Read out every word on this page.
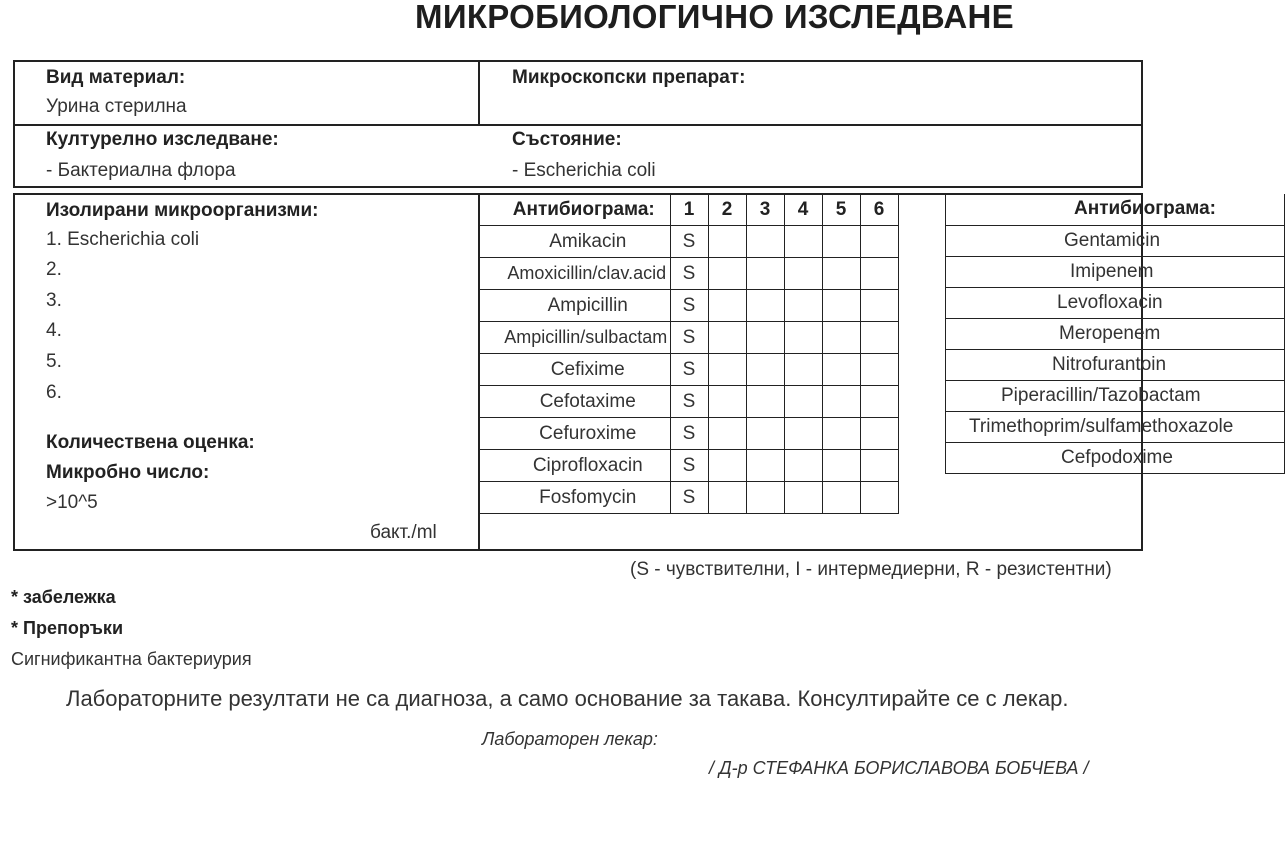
МИКРОБИОЛОГИЧНО ИЗСЛЕДВАНЕ
Вид материал:
Урина стерилна
Микроскопски препарат:
Културелно изследване:
- Бактериална флора
Състояние:
- Escherichia coli
Изолирани микроорганизми:
1. Escherichia coli
2.
3.
4.
5.
6.
Количествена оценка:
Микробно число:
>10^5
бакт./ml
Антибиограма:	1	2	3	4	5	6
Amikacin	S					
Amoxicillin/clav.acid	S					
Ampicillin	S					
Ampicillin/sulbactam	S					
Cefixime	S					
Cefotaxime	S					
Cefuroxime	S					
Ciprofloxacin	S					
Fosfomycin	S					
Антибиограма:
Gentamicin
Imipenem
Levofloxacin
Meropenem
Nitrofurantoin
Piperacillin/Tazobactam
Trimethoprim/sulfamethoxazole
Cefpodoxime
(S - чувствителни, I - интермедиерни, R - резистентни)
* забележка
* Препоръки
Сигнификантна бактериурия
Лабораторните резултати не са диагноза, а само основание за такава. Консултирайте се с лекар.
Лабораторен лекар:
/ Д-р СТЕФАНКА БОРИСЛАВОВА БОБЧЕВА /
